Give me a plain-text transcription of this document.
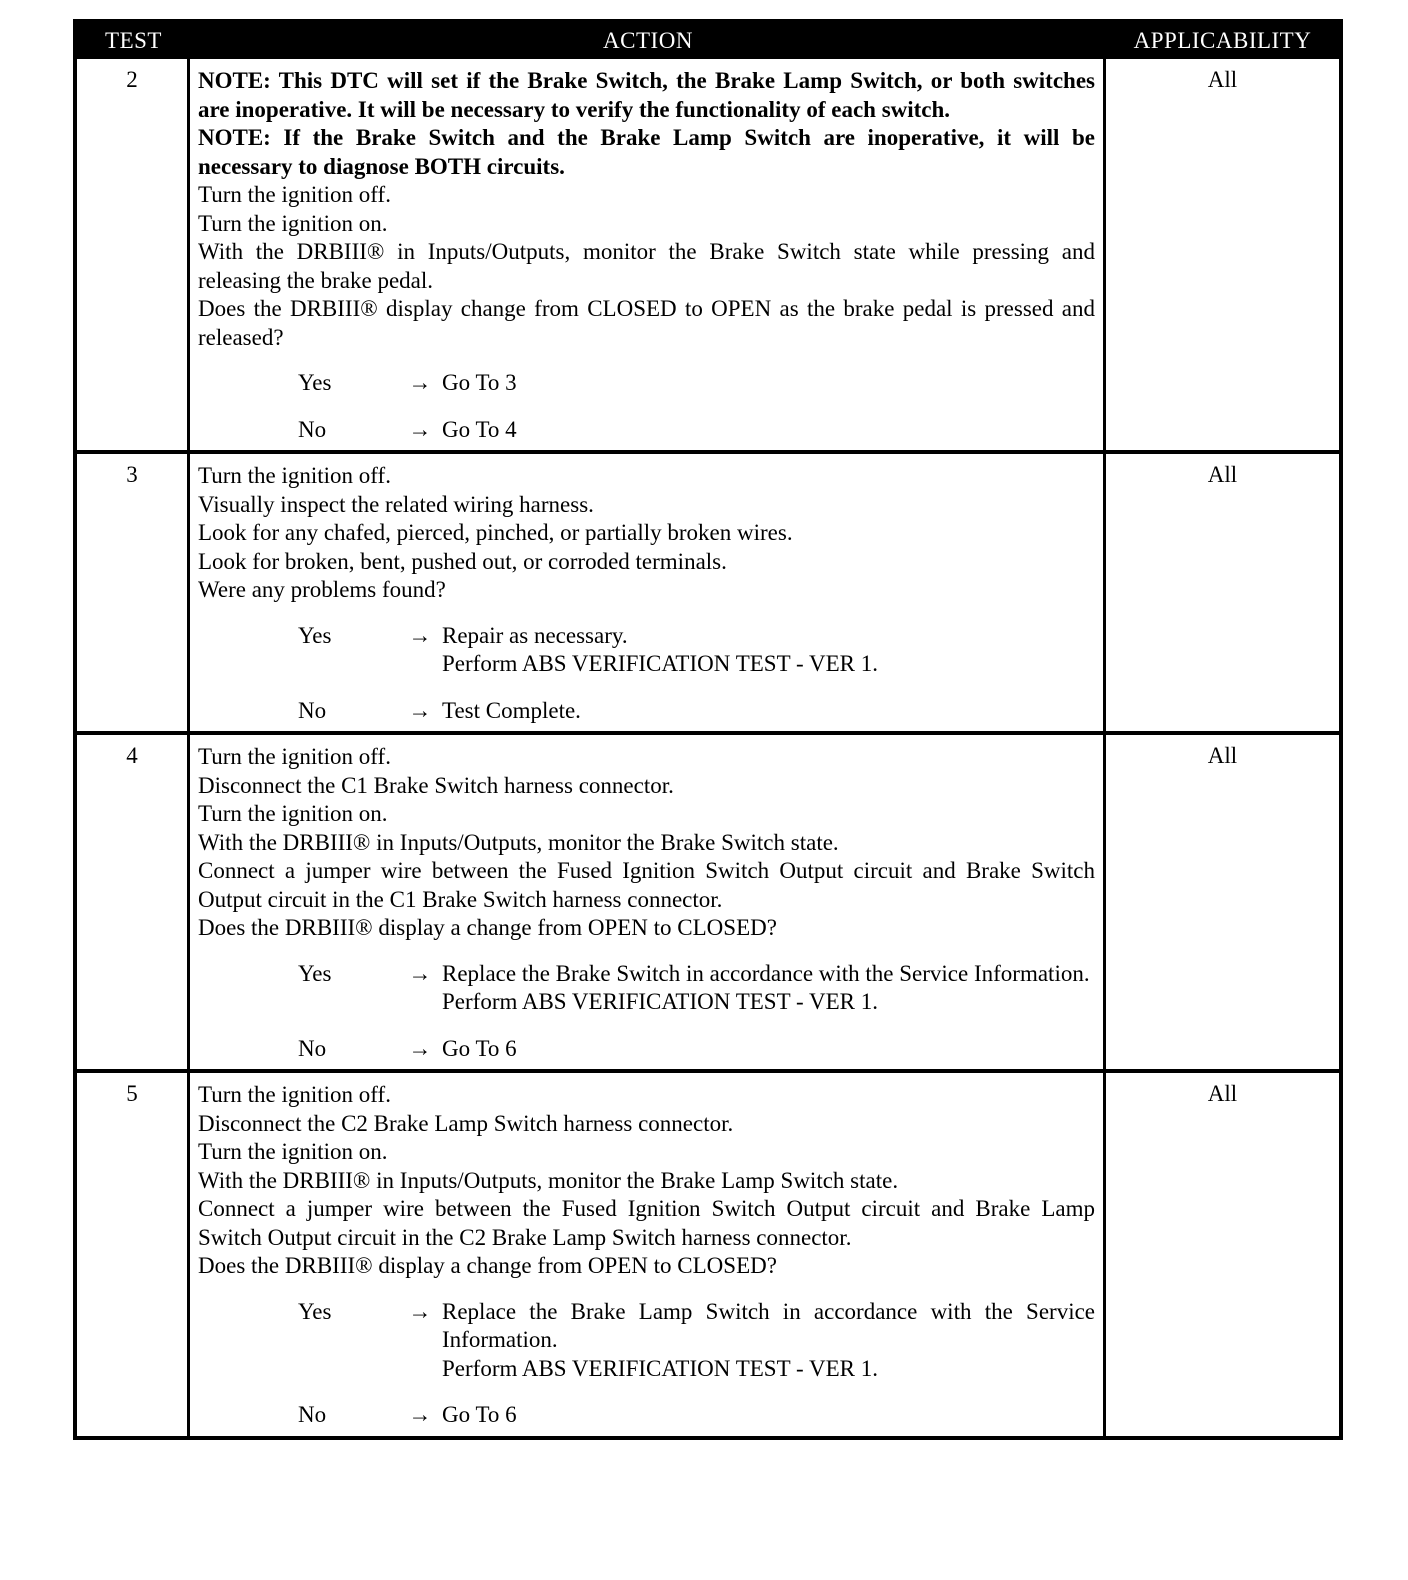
TEST	ACTION	APPLICABILITY
2	NOTE: This DTC will set if the Brake Switch, the Brake Lamp Switch, or both switches are inoperative. It will be necessary to verify the functionality of each switch.
NOTE: If the Brake Switch and the Brake Lamp Switch are inoperative, it will be necessary to diagnose BOTH circuits.
Turn the ignition off.
Turn the ignition on.
With the DRBIII® in Inputs/Outputs, monitor the Brake Switch state while pressing and releasing the brake pedal.
Does the DRBIII® display change from CLOSED to OPEN as the brake pedal is pressed and released?
Yes	→ Go To 3
No	→ Go To 4
All
3	Turn the ignition off.
Visually inspect the related wiring harness.
Look for any chafed, pierced, pinched, or partially broken wires.
Look for broken, bent, pushed out, or corroded terminals.
Were any problems found?
Yes	→ Repair as necessary.
Perform ABS VERIFICATION TEST - VER 1.
No	→ Test Complete.
All
4	Turn the ignition off.
Disconnect the C1 Brake Switch harness connector.
Turn the ignition on.
With the DRBIII® in Inputs/Outputs, monitor the Brake Switch state.
Connect a jumper wire between the Fused Ignition Switch Output circuit and Brake Switch Output circuit in the C1 Brake Switch harness connector.
Does the DRBIII® display a change from OPEN to CLOSED?
Yes	→ Replace the Brake Switch in accordance with the Service Information.
Perform ABS VERIFICATION TEST - VER 1.
No	→ Go To 6
All
5	Turn the ignition off.
Disconnect the C2 Brake Lamp Switch harness connector.
Turn the ignition on.
With the DRBIII® in Inputs/Outputs, monitor the Brake Lamp Switch state.
Connect a jumper wire between the Fused Ignition Switch Output circuit and Brake Lamp Switch Output circuit in the C2 Brake Lamp Switch harness connector.
Does the DRBIII® display a change from OPEN to CLOSED?
Yes	→ Replace the Brake Lamp Switch in accordance with the Service Information.
Perform ABS VERIFICATION TEST - VER 1.
No	→ Go To 6
All
